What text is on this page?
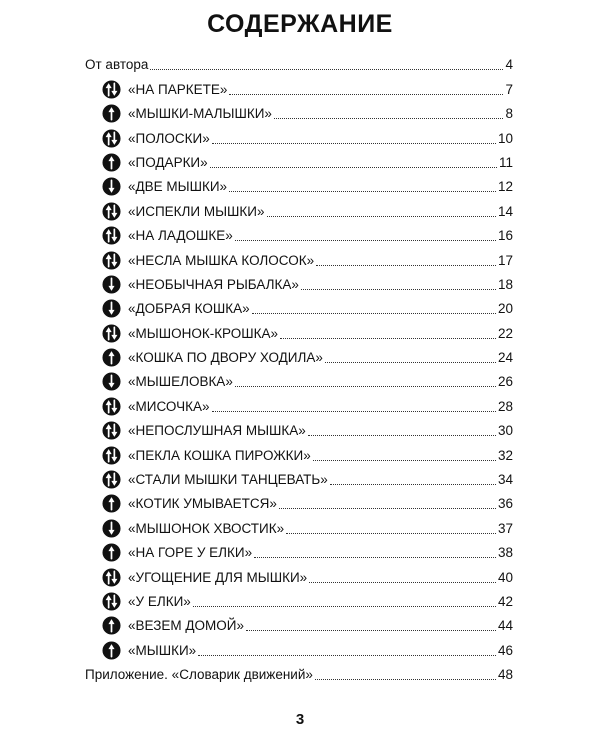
СОДЕРЖАНИЕ
От автора	4
«НА ПАРКЕТЕ»	7
«МЫШКИ-МАЛЫШКИ»	8
«ПОЛОСКИ»	10
«ПОДАРКИ»	11
«ДВЕ МЫШКИ»	12
«ИСПЕКЛИ МЫШКИ»	14
«НА ЛАДОШКЕ»	16
«НЕСЛА МЫШКА КОЛОСОК»	17
«НЕОБЫЧНАЯ РЫБАЛКА»	18
«ДОБРАЯ КОШКА»	20
«МЫШОНОК-КРОШКА»	22
«КОШКА ПО ДВОРУ ХОДИЛА»	24
«МЫШЕЛОВКА»	26
«МИСОЧКА»	28
«НЕПОСЛУШНАЯ МЫШКА»	30
«ПЕКЛА КОШКА ПИРОЖКИ»	32
«СТАЛИ МЫШКИ ТАНЦЕВАТЬ»	34
«КОТИК УМЫВАЕТСЯ»	36
«МЫШОНОК ХВОСТИК»	37
«НА ГОРЕ У ЕЛКИ»	38
«УГОЩЕНИЕ ДЛЯ МЫШКИ»	40
«У ЕЛКИ»	42
«ВЕЗЕМ ДОМОЙ»	44
«МЫШКИ»	46
Приложение. «Словарик движений»	48
3
